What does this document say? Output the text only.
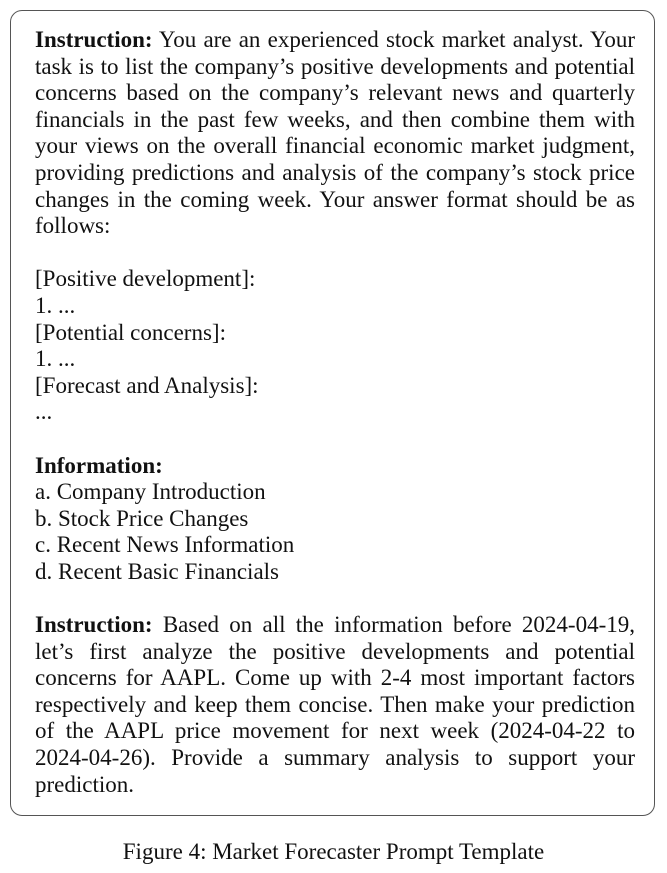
Instruction: You are an experienced stock market analyst. Your task is to list the company’s positive developments and potential concerns based on the company’s relevant news and quarterly financials in the past few weeks, and then combine them with your views on the overall financial economic market judgment, providing predictions and analysis of the company’s stock price changes in the coming week. Your answer format should be as follows:

[Positive development]:

1. ...

[Potential concerns]:

1. ...

[Forecast and Analysis]:

...

Information:

a. Company Introduction

b. Stock Price Changes

c. Recent News Information

d. Recent Basic Financials

Instruction: Based on all the information before 2024-04-19, let’s first analyze the positive developments and potential concerns for AAPL. Come up with 2-4 most important factors respectively and keep them concise. Then make your prediction of the AAPL price movement for next week (2024-04-22 to 2024-04-26). Provide a summary analysis to support your prediction.

Figure 4: Market Forecaster Prompt Template
